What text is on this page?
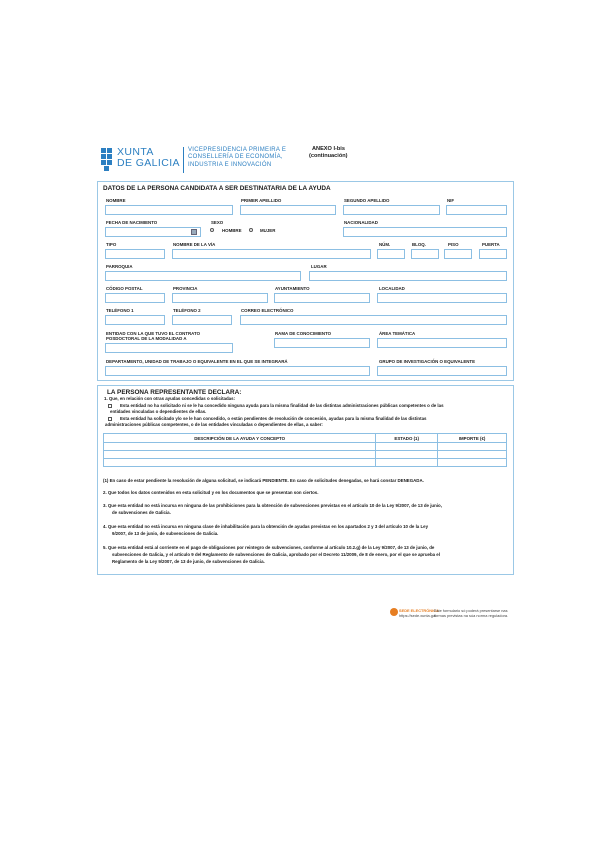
XUNTA
DE GALICIA
VICEPRESIDENCIA PRIMEIRA E
CONSELLERÍA DE ECONOMÍA,
INDUSTRIA E INNOVACIÓN
ANEXO I-bis
(continuación)
DATOS DE LA PERSONA CANDIDATA A SER DESTINATARIA DE LA AYUDA
NOMBRE	PRIMER APELLIDO	SEGUNDO APELLIDO	NIF
FECHA DE NACIMIENTO	SEXO
HOMBRE	MUJER
NACIONALIDAD
TIPO	NOMBRE DE LA VÍA	NÚM.	BLOQ.	PISO	PUERTA
PARROQUIA	LUGAR
CÓDIGO POSTAL	PROVINCIA	AYUNTAMIENTO	LOCALIDAD
TELÉFONO 1	TELÉFONO 2	CORREO ELECTRÓNICO
ENTIDAD CON LA QUE TUVO EL CONTRATO
POSDOCTORAL DE LA MODALIDAD A
RAMA DE CONOCIMIENTO	ÁREA TEMÁTICA
DEPARTAMENTO, UNIDAD DE TRABAJO O EQUIVALENTE EN EL QUE SE INTEGRARÁ	GRUPO DE INVESTIGACIÓN O EQUIVALENTE
LA PERSONA REPRESENTANTE DECLARA:
1. Que, en relación con otras ayudas concedidas o solicitadas:
Esta entidad no ha solicitado ni se le ha concedido ninguna ayuda para la misma finalidad de las distintas administraciones públicas competentes o de las
entidades vinculadas o dependientes de ellas.
Esta entidad ha solicitado y/o se le han concedido, o están pendientes de resolución de concesión, ayudas para la misma finalidad de las distintas
administraciones públicas competentes, o de las entidades vinculadas o dependientes de ellas, a saber:
DESCRIPCIÓN DE LA AYUDA Y CONCEPTO	ESTADO (1)	IMPORTE (€)

(1) En caso de estar pendiente la resolución de alguna solicitud, se indicará PENDIENTE. En caso de solicitudes denegadas, se hará constar DENEGADA.
2. Que todos los datos contenidos en esta solicitud y en los documentos que se presentan son ciertos.
3. Que esta entidad no está incursa en ninguna de las prohibiciones para la obtención de subvenciones previstas en el artículo 10 de la Ley 9/2007, de 13 de junio,
de subvenciones de Galicia.
4. Que esta entidad no está incursa en ninguna clase de inhabilitación para la obtención de ayudas previstas en los apartados 2 y 3 del artículo 10 de la Ley
9/2007, de 13 de junio, de subvenciones de Galicia.
5. Que esta entidad está al corriente en el pago de obligaciones por reintegro de subvenciones, conforme al artículo 10.2.g) de la Ley 9/2007, de 13 de junio, de
subvenciones de Galicia, y el artículo 9 del Reglamento de subvenciones de Galicia, aprobado por el Decreto 11/2009, de 8 de enero, por el que se aprueba el
Reglamento de la Ley 9/2007, de 13 de junio, de subvenciones de Galicia.
SEDE ELECTRÓNICA
https://sede.xunta.gal
Este formulario só poderá presentarse nas
formas previstas na súa norma reguladora.
